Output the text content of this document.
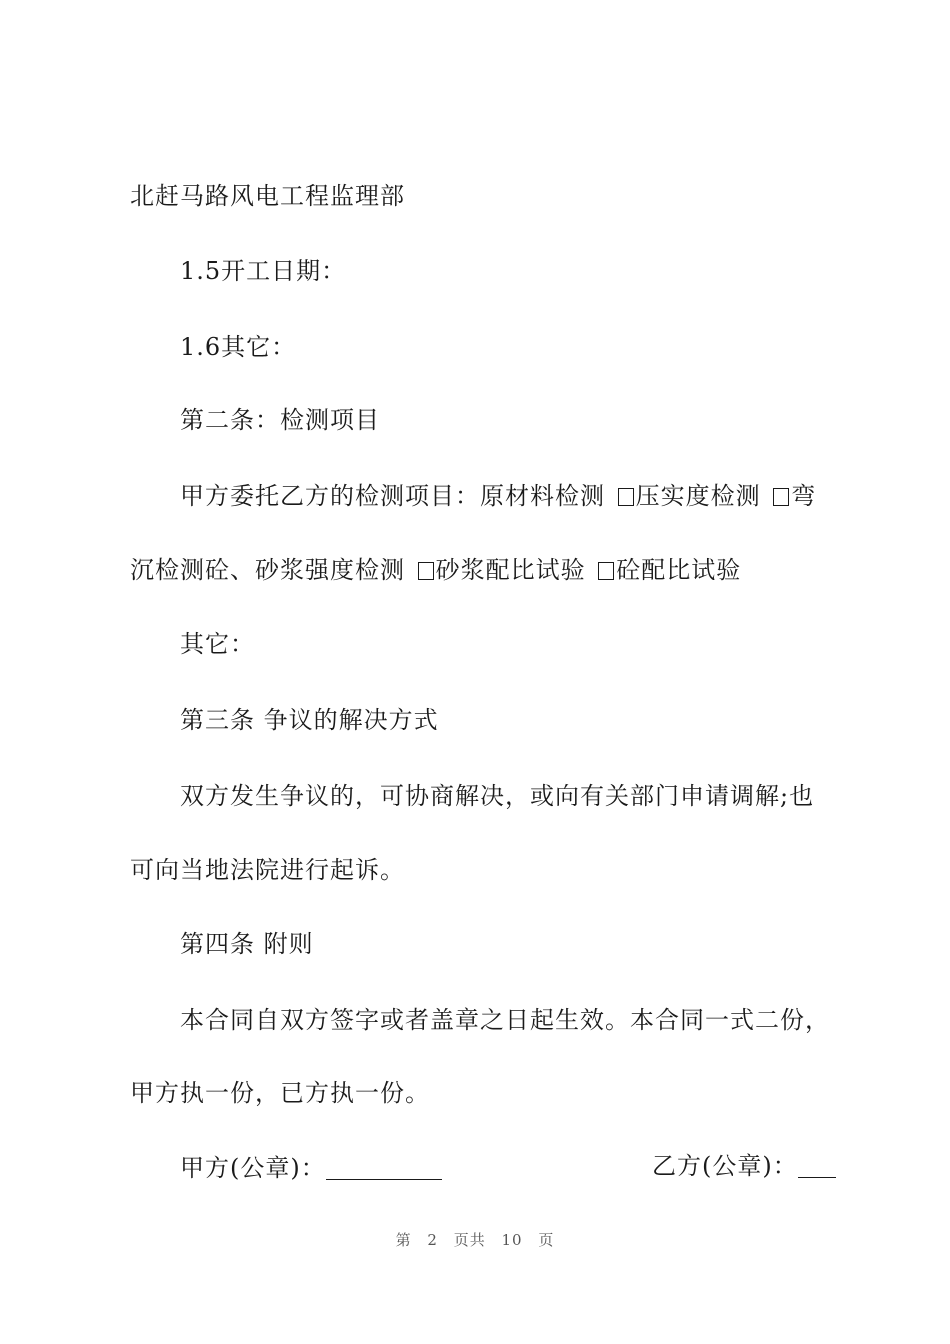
北赶马路风电工程监理部
1.5开工日期：
1.6其它：
第二条：检测项目
甲方委托乙方的检测项目：原材料检测 压实度检测 弯
沉检测砼、砂浆强度检测 砂浆配比试验 砼配比试验
其它：
第三条 争议的解决方式
双方发生争议的，可协商解决，或向有关部门申请调解;也
可向当地法院进行起诉。
第四条 附则
本合同自双方签字或者盖章之日起生效。本合同一式二份，
甲方执一份，已方执一份。
甲方(公章)：	乙方(公章)：
第 2 页共 10 页
